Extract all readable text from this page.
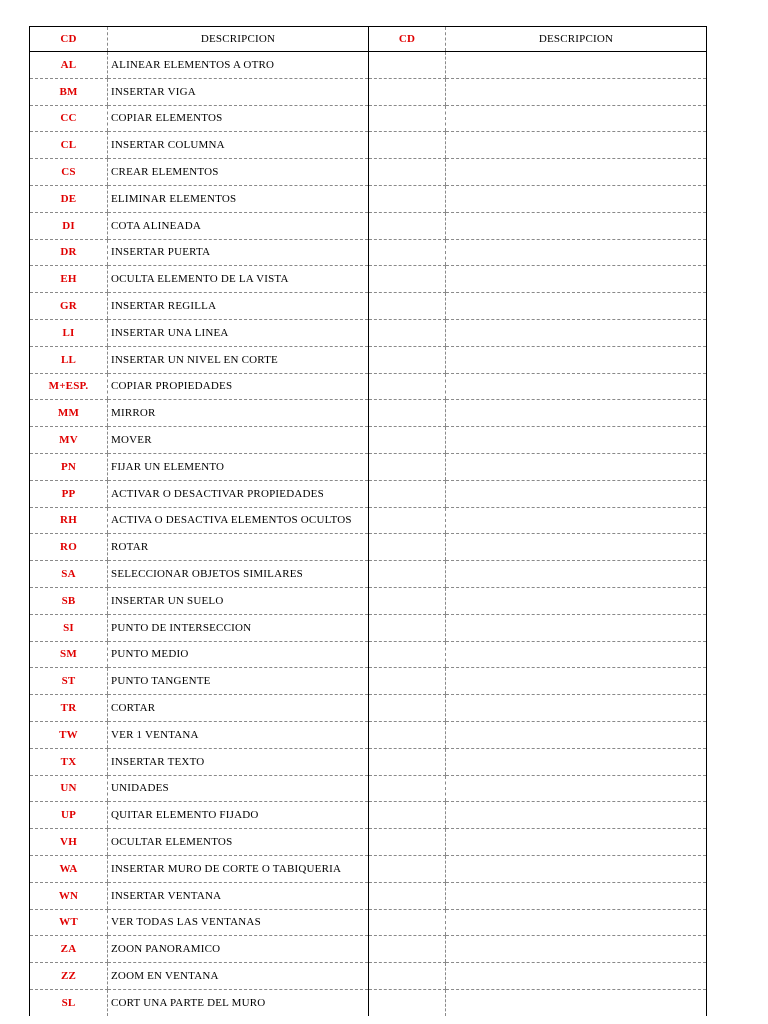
CD	DESCRIPCION	CD	DESCRIPCION
AL	ALINEAR ELEMENTOS A OTRO		
BM	INSERTAR VIGA		
CC	COPIAR ELEMENTOS		
CL	INSERTAR COLUMNA		
CS	CREAR ELEMENTOS		
DE	ELIMINAR ELEMENTOS		
DI	COTA ALINEADA		
DR	INSERTAR PUERTA		
EH	OCULTA ELEMENTO DE LA VISTA		
GR	INSERTAR REGILLA		
LI	INSERTAR UNA LINEA		
LL	INSERTAR UN NIVEL EN CORTE		
M+ESP.	COPIAR PROPIEDADES		
MM	MIRROR		
MV	MOVER		
PN	FIJAR UN ELEMENTO		
PP	ACTIVAR O DESACTIVAR PROPIEDADES		
RH	ACTIVA O DESACTIVA ELEMENTOS OCULTOS		
RO	ROTAR		
SA	SELECCIONAR OBJETOS SIMILARES		
SB	INSERTAR UN SUELO		
SI	PUNTO DE INTERSECCION		
SM	PUNTO MEDIO		
ST	PUNTO TANGENTE		
TR	CORTAR		
TW	VER 1 VENTANA		
TX	INSERTAR TEXTO		
UN	UNIDADES		
UP	QUITAR ELEMENTO FIJADO		
VH	OCULTAR ELEMENTOS		
WA	INSERTAR MURO DE CORTE O TABIQUERIA		
WN	INSERTAR VENTANA		
WT	VER TODAS LAS VENTANAS		
ZA	ZOON PANORAMICO		
ZZ	ZOOM EN VENTANA		
SL	CORT UNA PARTE DEL MURO		
